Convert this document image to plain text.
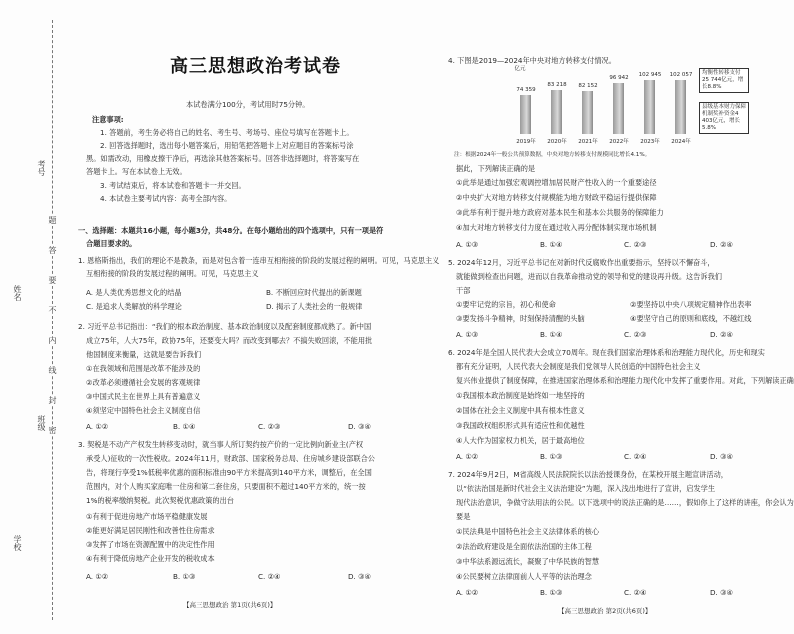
考号
姓名
班级
学校
题
答
要
不
内
线
封
密
高三思想政治考试卷
本试卷满分100分，考试用时75分钟。
注意事项:
1. 答题前，考生务必将自己的姓名、考生号、考场号、座位号填写在答题卡上。
2. 回答选择题时，选出每小题答案后，用铅笔把答题卡上对应题目的答案标号涂
黑。如需改动，用橡皮擦干净后，再选涂其他答案标号。回答非选择题时，将答案写在
答题卡上。写在本试卷上无效。
3. 考试结束后，将本试卷和答题卡一并交回。
4. 本试卷主要考试内容：高考全部内容。
一、选择题：本题共16小题，每小题3分，共48分。在每小题给出的四个选项中，只有一项是符
合题目要求的。
1. 恩格斯指出，我们的理论不是教条，而是对包含着一连串互相衔接的阶段的发展过程的阐明。可见，马克思主义
互相衔接的阶段的发展过程的阐明。可见，马克思主义
A. 是人类优秀思想文化的结晶	B. 不断回应时代提出的新课题
C. 是追求人类解放的科学理论	D. 揭示了人类社会的一般规律
2. 习近平总书记指出：“我们的根本政治制度、基本政治制度以及配套制度都成熟了。新中国
成立75年，人大75年，政协75年，还要变大吗？而改变到哪去？不搞失败回滚，不能用批
他国制度来衡量，这就是要告诉我们
①在我领域和范围是改革不能涉及的
②改革必须遵循社会发展的客观规律
③中国式民主在世界上具有普遍意义
④须坚定中国特色社会主义制度自信
A. ①②	B. ①④	C. ②③	D. ③④
3. 契税是不动产产权发生转移变动时，就当事人所订契约按产价的一定比例向新业主(产权
承受人)征收的一次性税收。2024年11月，财政部、国家税务总局、住房城乡建设部联合公
告，将现行享受1%低税率优惠的面积标准由90平方米提高到140平方米，调整后，在全国
范围内，对个人购买家庭唯一住房和第二套住房，只要面积不超过140平方米的，统一按
1%的税率缴纳契税。此次契税优惠政策的出台
①有利于促进房地产市场平稳健康发展
②能更好满足居民刚性和改善性住房需求
③发挥了市场在资源配置中的决定性作用
④有利于降低房地产企业开发的税收成本
A. ①②	B. ①③	C. ②④	D. ③④
【高三思想政治 第1页(共6页)】
4. 下图是2019—2024年中央对地方转移支付情况。
亿元
74 359
2019年
83 218
2020年
82 152
2021年
96 942
2022年
102 945
2023年
102 057
2024年
均衡性转移支付25 744亿元，增长8.8%
县级基本财力保障机制奖补资金4 403亿元，增长5.8%
注：根据2024年一般公共预算数据，中央对地方转移支付规模同比增长4.1%。
据此，下列解读正确的是
①此举是通过加强宏观调控增加居民财产性收入的一个重要途径
②中央扩大对地方转移支付规模能为地方财政平稳运行提供保障
③此举有利于提升地方政府对基本民生和基本公共服务的保障能力
④加大对地方转移支付力度在通过收入再分配体制实现市场机制
A. ①③	B. ①④	C. ②③	D. ②④
5. 2024年12月，习近平总书记在对新时代反腐败作出重要指示，坚持以不懈奋斗，
就能做到检查出问题，进而以自我革命推动党的领导和党的建设再升级。这告诉我们
干部
①要牢记党的宗旨，初心和使命	②要坚持以中央八项规定精神作出表率
③要发扬斗争精神，时刻保持清醒的头脑	④要坚守自己的原则和底线，不越红线
A. ①③	B. ①④	C. ②③	D. ②④
6. 2024年是全国人民代表大会成立70周年。现在我们国家治理体系和治理能力现代化，历史和现实
都有充分证明，人民代表大会制度是我们党领导人民创造的中国特色社会主义
复兴伟业提供了制度保障，在推进国家治理体系和治理能力现代化中发挥了重要作用。对此，下列解读正确
①我国根本政治制度是始终如一地坚持的
②国体在社会主义制度中具有根本性意义
③我国政权组织形式具有适应性和优越性
④人大作为国家权力机关，居于最高地位
A. ①②	B. ①③	C. ②④	D. ③④
7. 2024年9月2日，M省高级人民法院院长以法治授课身份，在某校开展主题宣讲活动，
以“依法治国是新时代社会主义法治建设”为题，深入浅出地进行了宣讲，启发学生
现代法治意识，争做守法用法的公民。以下选项中的说法正确的是……，假如你上了这样的讲座，你会认为
要是
①民法典是中国特色社会主义法律体系的核心
②法治政府建设是全面依法治国的主体工程
③中华法系源远流长，凝聚了中华民族的智慧
④公民要树立法律面前人人平等的法治理念
A. ①②	B. ①③	C. ②④	D. ③④
【高三思想政治 第2页(共6页)】
